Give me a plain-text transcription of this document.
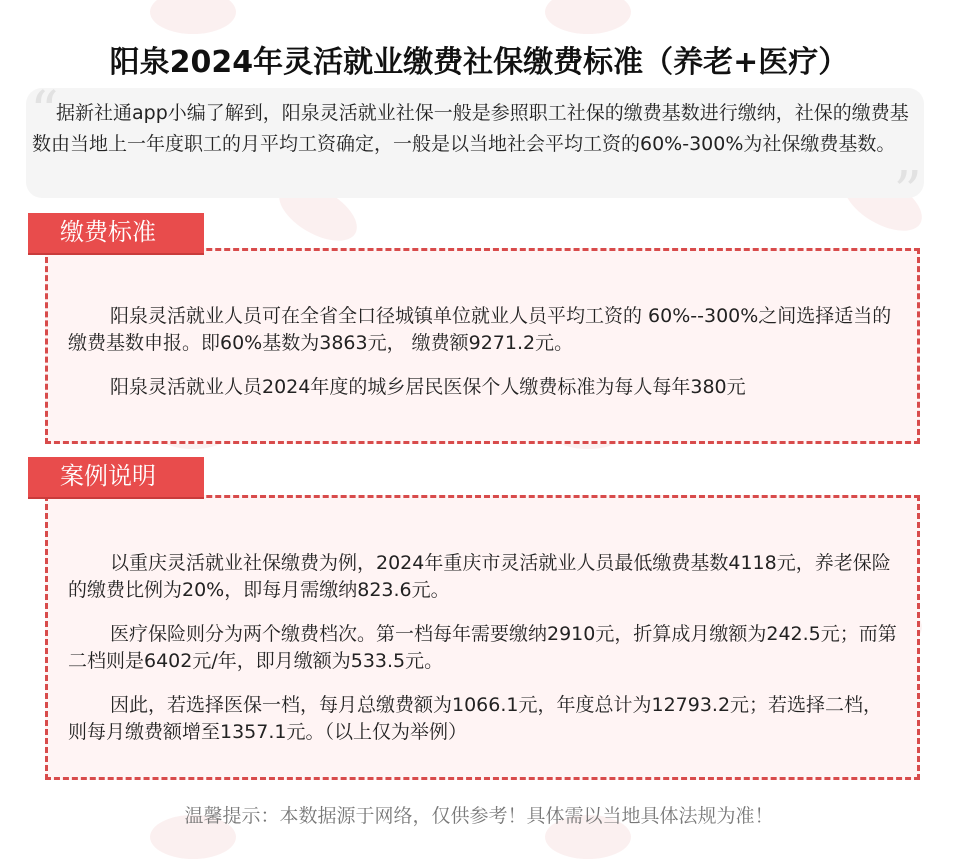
阳泉2024年灵活就业缴费社保缴费标准（养老+医疗）
“

据新社通app小编了解到，阳泉灵活就业社保一般是参照职工社保的缴费基数进行缴纳，社保的缴费基数由当地上一年度职工的月平均工资确定，一般是以当地社会平均工资的60%-300%为社保缴费基数。

”
缴费标准

阳泉灵活就业人员可在全省全口径城镇单位就业人员平均工资的 60%--300%之间选择适当的缴费基数申报。即60%基数为3863元， 缴费额9271.2元。

阳泉灵活就业人员2024年度的城乡居民医保个人缴费标准为每人每年380元

案例说明

以重庆灵活就业社保缴费为例，2024年重庆市灵活就业人员最低缴费基数4118元，养老保险的缴费比例为20%，即每月需缴纳823.6元。

医疗保险则分为两个缴费档次。第一档每年需要缴纳2910元，折算成月缴额为242.5元；而第二档则是6402元/年，即月缴额为533.5元。

因此，若选择医保一档，每月总缴费额为1066.1元，年度总计为12793.2元；若选择二档，则每月缴费额增至1357.1元。（以上仅为举例）

温馨提示：本数据源于网络，仅供参考！具体需以当地具体法规为准！
